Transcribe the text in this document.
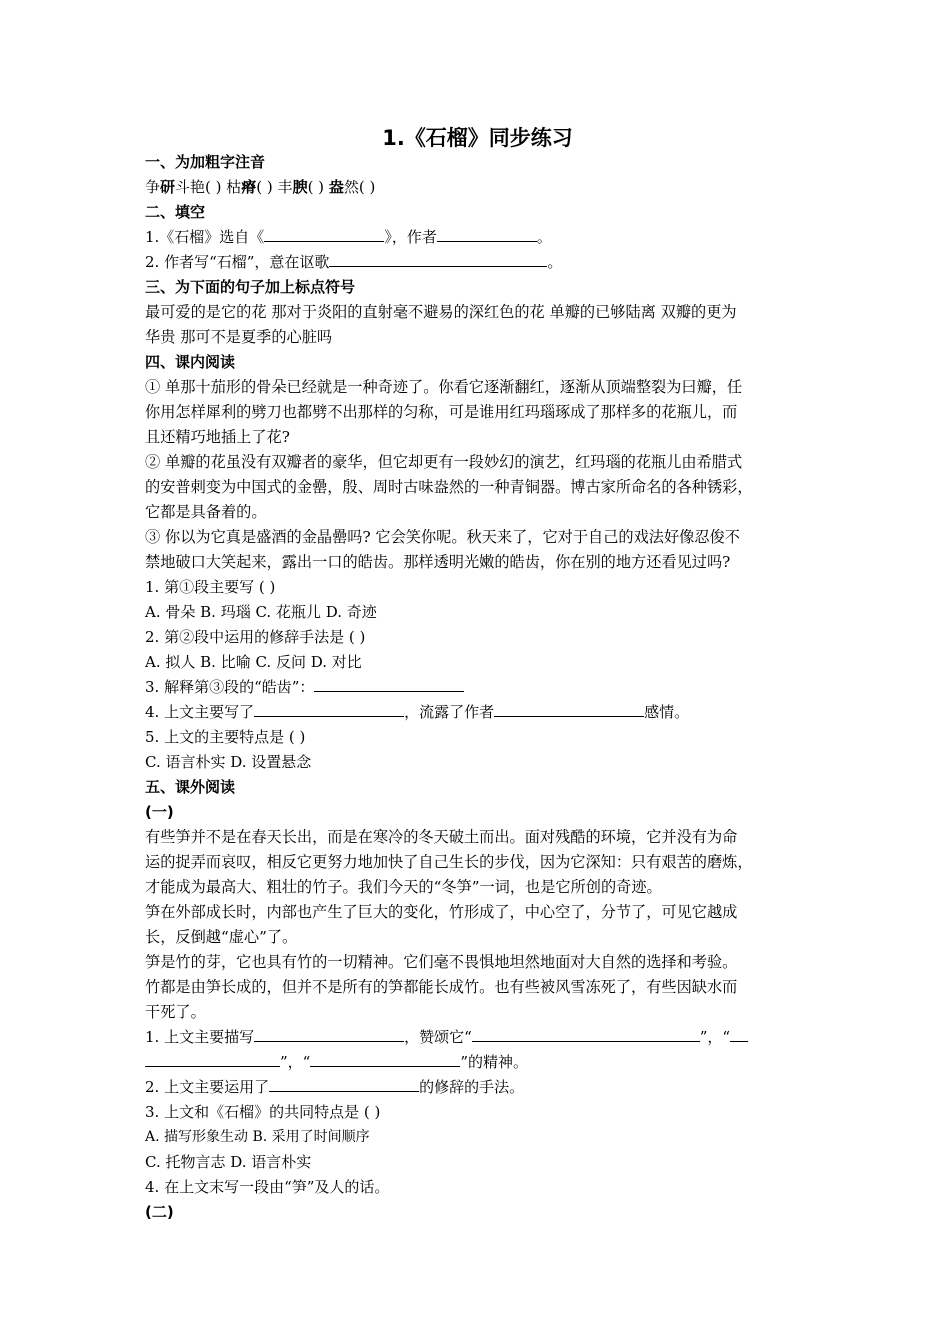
1.《石榴》同步练习
一、为加粗字注音
争研斗艳( ) 枯瘠( ) 丰腴( ) 盎然( )
二、填空
1.《石榴》选自《	》，作者	。
2. 作者写“石榴”，意在讴歌	。
三、为下面的句子加上标点符号
最可爱的是它的花 那对于炎阳的直射毫不避易的深红色的花 单瓣的已够陆离 双瓣的更为
华贵 那可不是夏季的心脏吗
四、课内阅读
① 单那十茄形的骨朵已经就是一种奇迹了。你看它逐渐翻红，逐渐从顶端整裂为曰瓣，任
你用怎样犀利的劈刀也都劈不出那样的匀称，可是谁用红玛瑙琢成了那样多的花瓶儿，而
且还精巧地插上了花?
② 单瓣的花虽没有双瓣者的豪华，但它却更有一段妙幻的演艺，红玛瑙的花瓶儿由希腊式
的安普剌变为中国式的金罍，殷、周时古味盎然的一种青铜器。博古家所命名的各种锈彩，
它都是具备着的。
③ 你以为它真是盛酒的金晶罍吗? 它会笑你呢。秋天来了，它对于自己的戏法好像忍俊不
禁地破口大笑起来，露出一口的皓齿。那样透明光嫩的皓齿，你在别的地方还看见过吗?
1. 第①段主要写 ( )
A. 骨朵 B. 玛瑙 C. 花瓶儿 D. 奇迹
2. 第②段中运用的修辞手法是 ( )
A. 拟人 B. 比喻 C. 反问 D. 对比
3. 解释第③段的“皓齿”：
4. 上文主要写了	，流露了作者	感情。
5. 上文的主要特点是 ( )
C. 语言朴实 D. 设置悬念
五、课外阅读
(一)
有些笋并不是在春天长出，而是在寒冷的冬天破土而出。面对残酷的环境，它并没有为命
运的捉弄而哀叹，相反它更努力地加快了自己生长的步伐，因为它深知：只有艰苦的磨炼，
才能成为最高大、粗壮的竹子。我们今天的“冬笋”一词，也是它所创的奇迹。
笋在外部成长时，内部也产生了巨大的变化，竹形成了，中心空了，分节了，可见它越成
长，反倒越“虚心”了。
笋是竹的芽，它也具有竹的一切精神。它们毫不畏惧地坦然地面对大自然的选择和考验。
竹都是由笋长成的，但并不是所有的笋都能长成竹。也有些被风雪冻死了，有些因缺水而
干死了。
1. 上文主要描写	，赞颂它“	”，“
”，“	”的精神。
2. 上文主要运用了	的修辞的手法。
3. 上文和《石榴》的共同特点是 ( )
A. 描写形象生动 B. 采用了时间顺序
C. 托物言志 D. 语言朴实
4. 在上文末写一段由“笋”及人的话。
(二)
